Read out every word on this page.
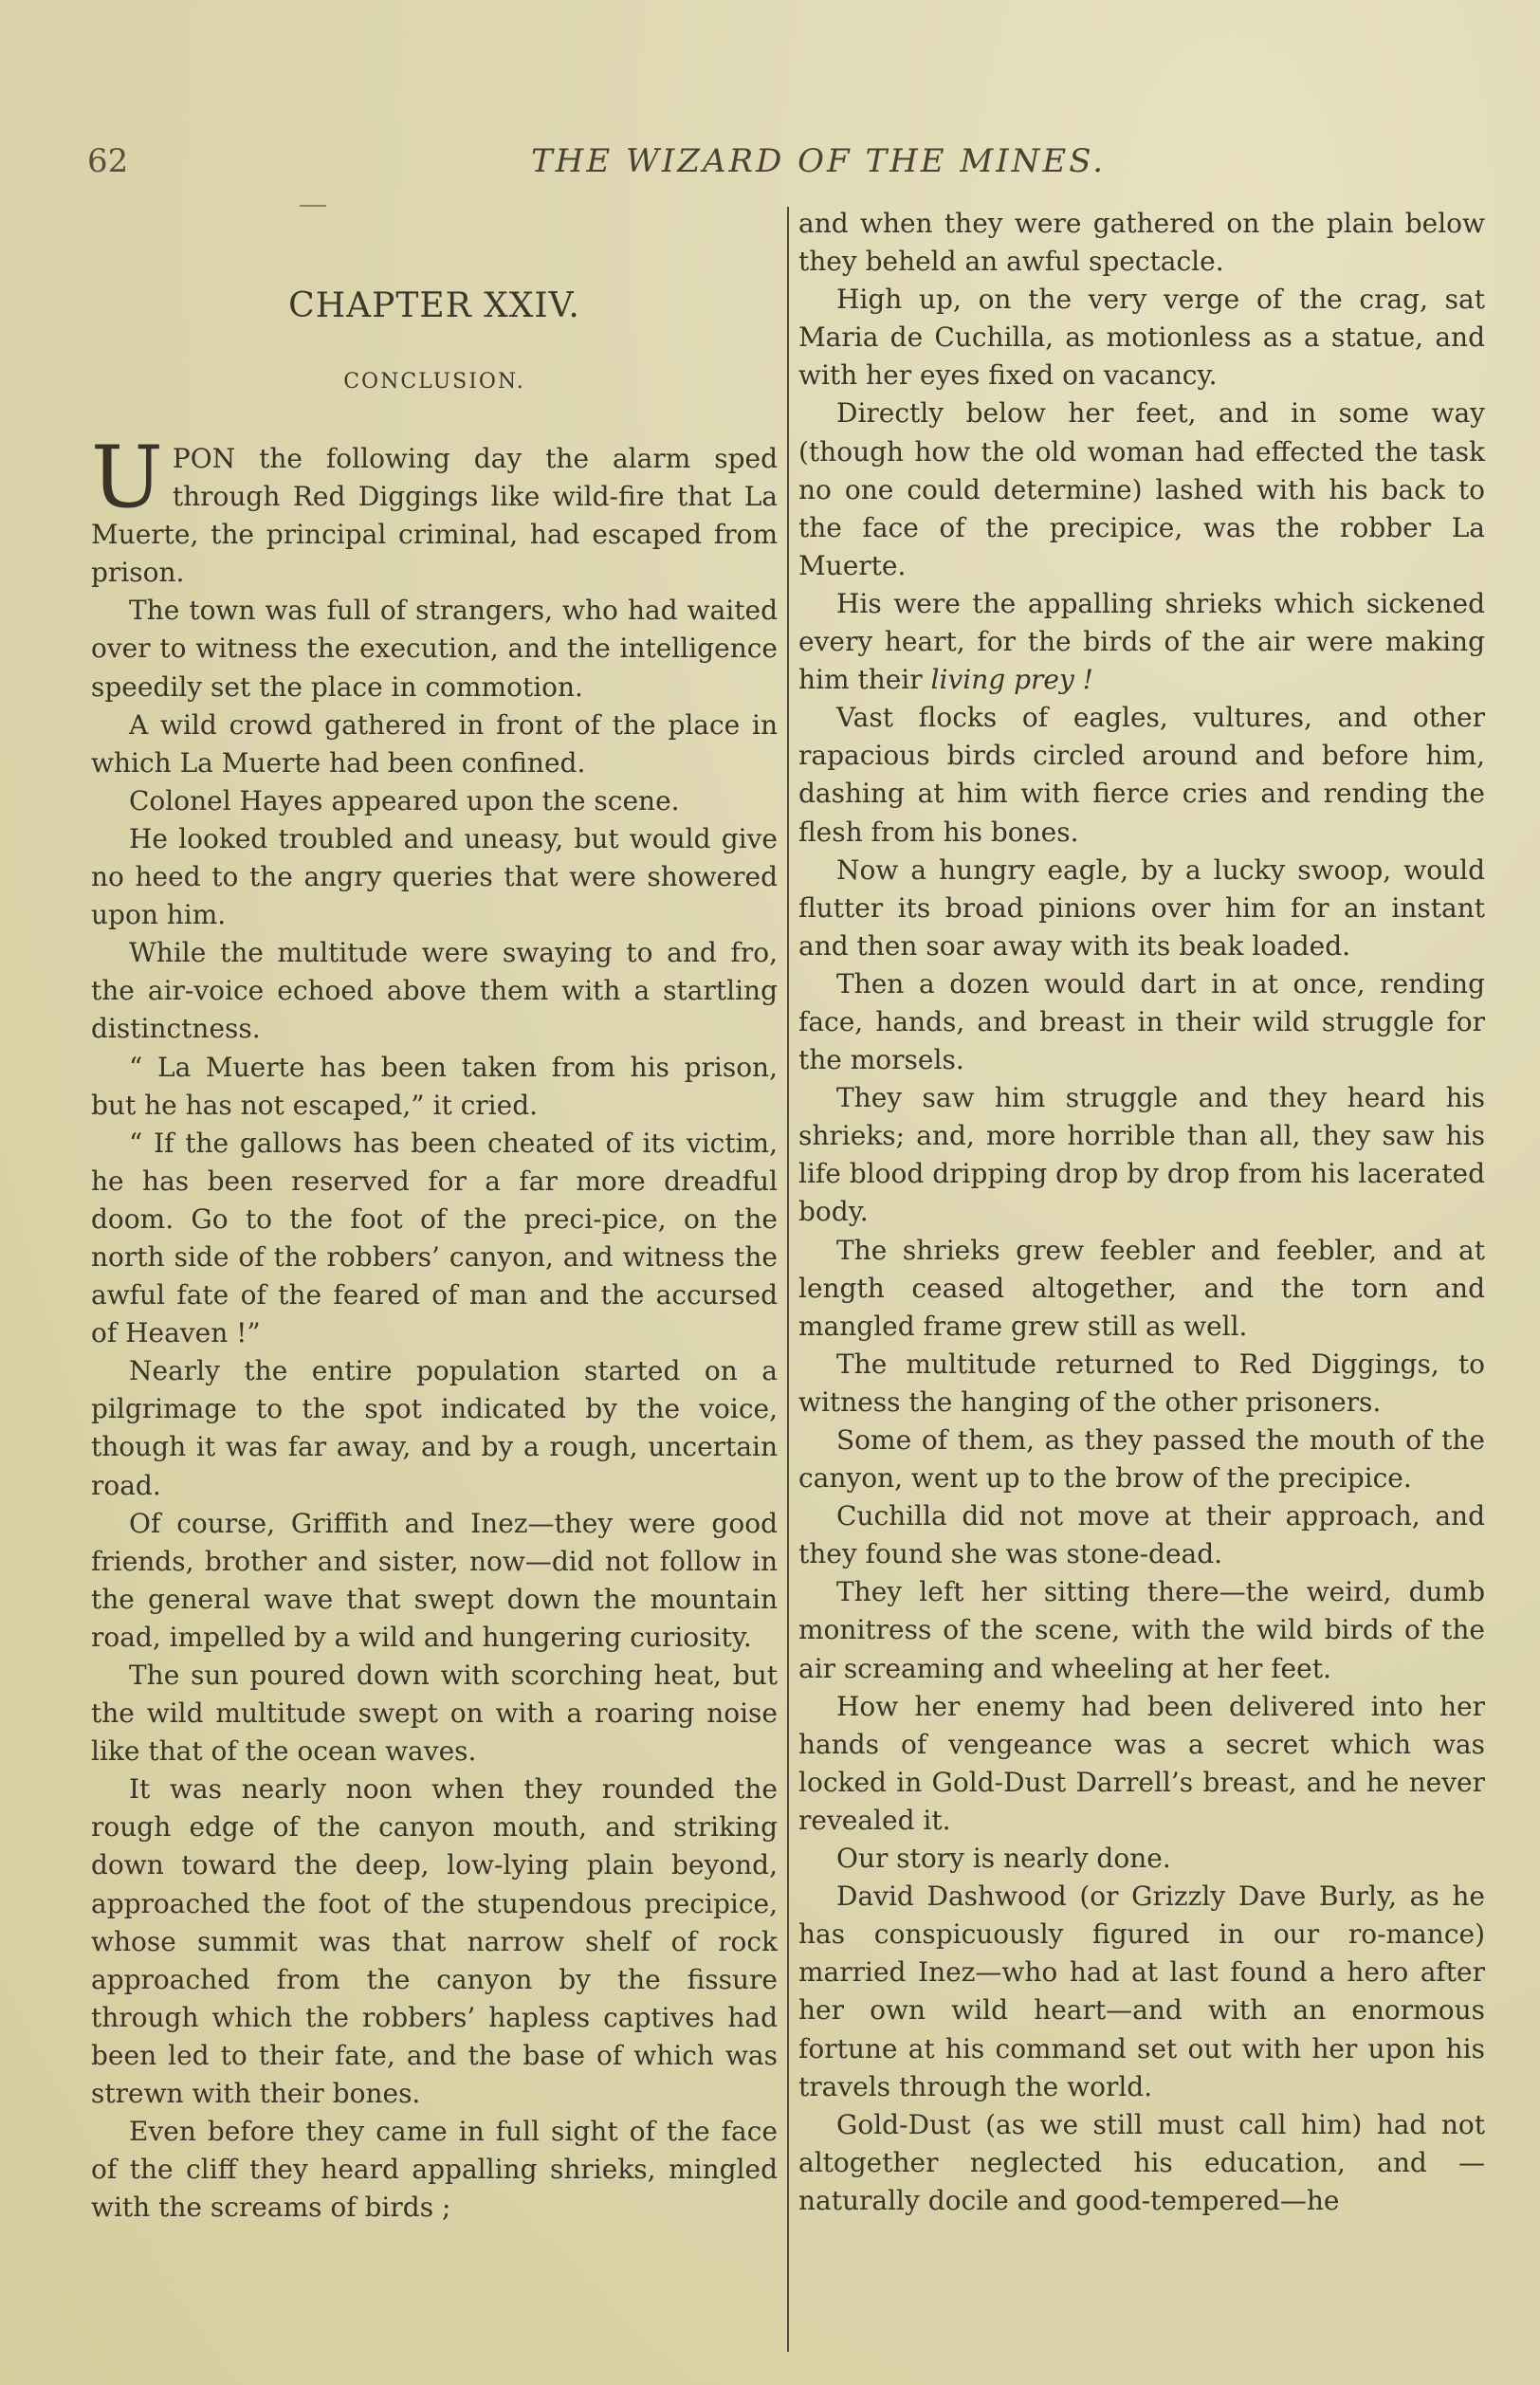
62	THE WIZARD OF THE MINES.
CHAPTER XXIV.
CONCLUSION.

UPON the following day the alarm sped through Red Diggings like wild-fire that La Muerte, the principal criminal, had escaped from prison.

The town was full of strangers, who had waited over to witness the execution, and the intelligence speedily set the place in commotion.

A wild crowd gathered in front of the place in which La Muerte had been confined.

Colonel Hayes appeared upon the scene.

He looked troubled and uneasy, but would give no heed to the angry queries that were showered upon him.

While the multitude were swaying to and fro, the air-voice echoed above them with a startling distinctness.

“ La Muerte has been taken from his prison, but he has not escaped,” it cried.

“ If the gallows has been cheated of its victim, he has been reserved for a far more dreadful doom. Go to the foot of the preci-pice, on the north side of the robbers’ canyon, and witness the awful fate of the feared of man and the accursed of Heaven !”

Nearly the entire population started on a pilgrimage to the spot indicated by the voice, though it was far away, and by a rough, uncertain road.

Of course, Griffith and Inez—they were good friends, brother and sister, now—did not follow in the general wave that swept down the mountain road, impelled by a wild and hungering curiosity.

The sun poured down with scorching heat, but the wild multitude swept on with a roaring noise like that of the ocean waves.

It was nearly noon when they rounded the rough edge of the canyon mouth, and striking down toward the deep, low-lying plain beyond, approached the foot of the stupendous precipice, whose summit was that narrow shelf of rock approached from the canyon by the fissure through which the robbers’ hapless captives had been led to their fate, and the base of which was strewn with their bones.

Even before they came in full sight of the face of the cliff they heard appalling shrieks, mingled with the screams of birds ;

and when they were gathered on the plain below they beheld an awful spectacle.

High up, on the very verge of the crag, sat Maria de Cuchilla, as motionless as a statue, and with her eyes fixed on vacancy.

Directly below her feet, and in some way (though how the old woman had effected the task no one could determine) lashed with his back to the face of the precipice, was the robber La Muerte.

His were the appalling shrieks which sickened every heart, for the birds of the air were making him their living prey !

Vast flocks of eagles, vultures, and other rapacious birds circled around and before him, dashing at him with fierce cries and rending the flesh from his bones.

Now a hungry eagle, by a lucky swoop, would flutter its broad pinions over him for an instant and then soar away with its beak loaded.

Then a dozen would dart in at once, rending face, hands, and breast in their wild struggle for the morsels.

They saw him struggle and they heard his shrieks; and, more horrible than all, they saw his life blood dripping drop by drop from his lacerated body.

The shrieks grew feebler and feebler, and at length ceased altogether, and the torn and mangled frame grew still as well.

The multitude returned to Red Diggings, to witness the hanging of the other prisoners.

Some of them, as they passed the mouth of the canyon, went up to the brow of the precipice.

Cuchilla did not move at their approach, and they found she was stone-dead.

They left her sitting there—the weird, dumb monitress of the scene, with the wild birds of the air screaming and wheeling at her feet.

How her enemy had been delivered into her hands of vengeance was a secret which was locked in Gold-Dust Darrell’s breast, and he never revealed it.

Our story is nearly done.

David Dashwood (or Grizzly Dave Burly, as he has conspicuously figured in our ro-mance) married Inez—who had at last found a hero after her own wild heart—and with an enormous fortune at his command set out with her upon his travels through the world.

Gold-Dust (as we still must call him) had not altogether neglected his education, and —naturally docile and good-tempered—he
